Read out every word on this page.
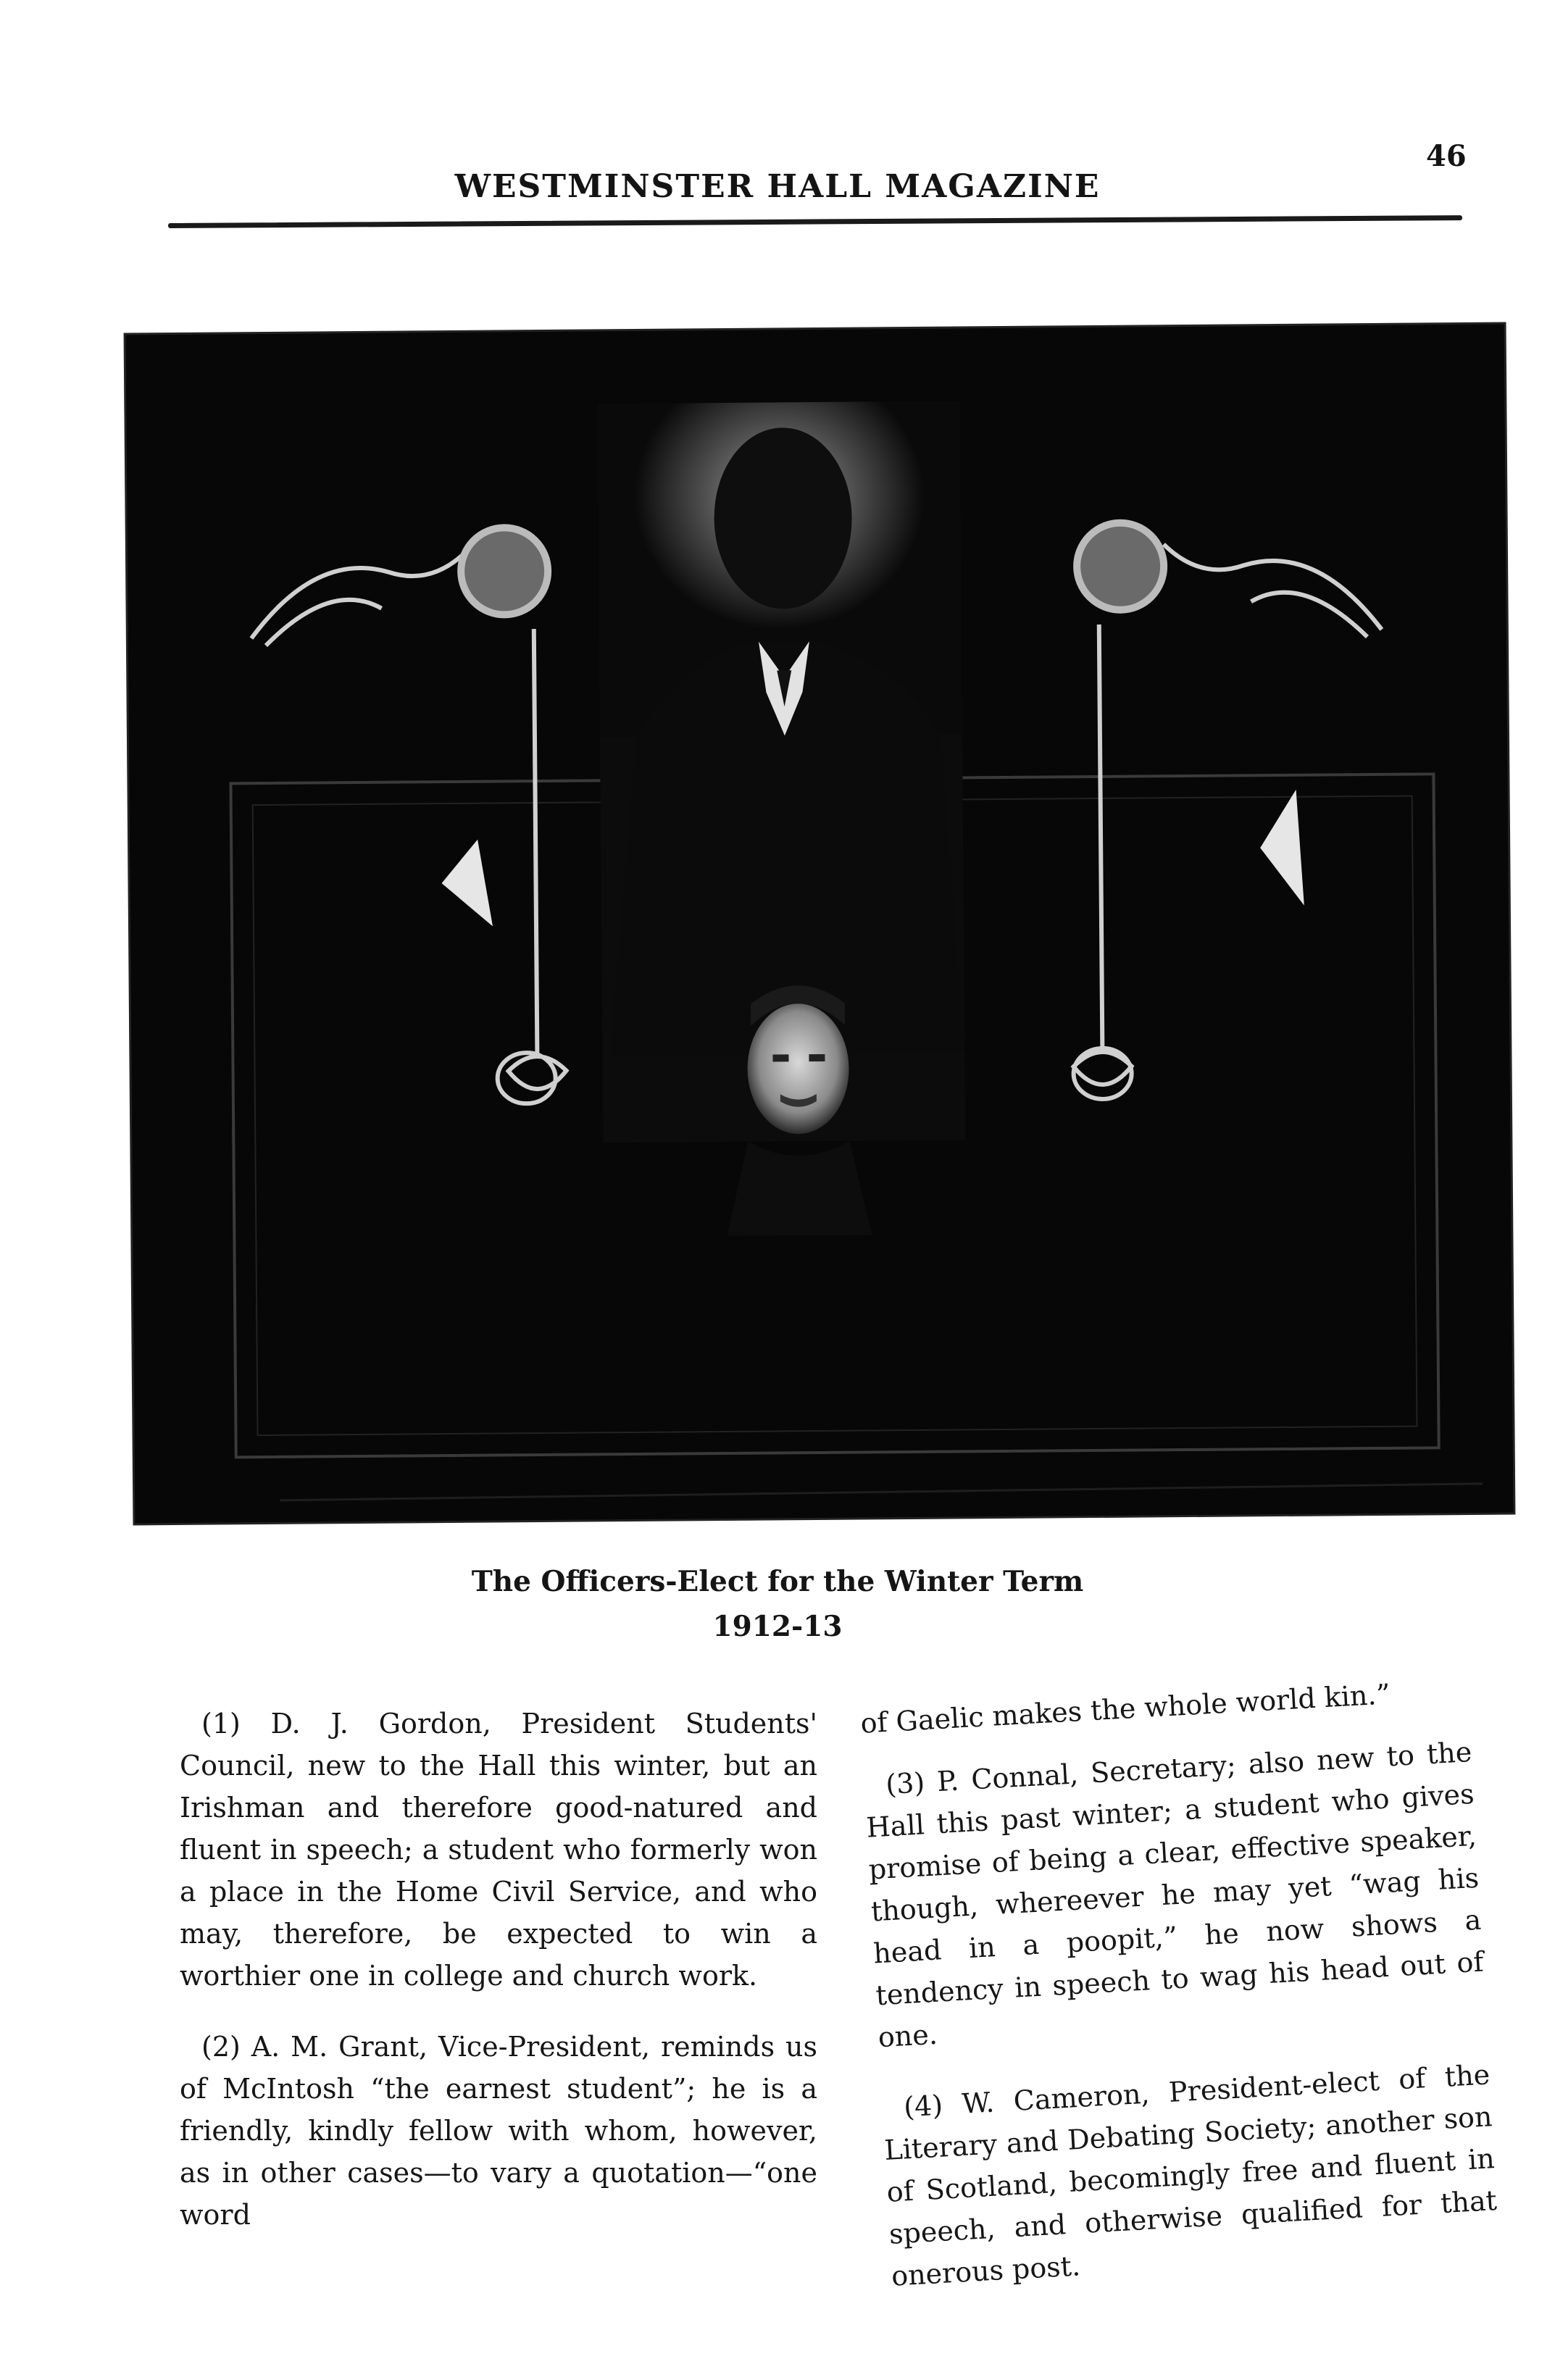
WESTMINSTER HALL MAGAZINE
46
The Officers-Elect for the Winter Term
1912-13

(1) D. J. Gordon, President Students' Council, new to the Hall this winter, but an Irishman and therefore good-natured and fluent in speech; a student who formerly won a place in the Home Civil Service, and who may, therefore, be expected to win a worthier one in college and church work.

(2) A. M. Grant, Vice-President, reminds us of McIntosh “the earnest student”; he is a friendly, kindly fellow with whom, however, as in other cases—to vary a quotation—“one word

of Gaelic makes the whole world kin.”

(3) P. Connal, Secretary; also new to the Hall this past winter; a student who gives promise of being a clear, effective speaker, though, whereever he may yet “wag his head in a poopit,” he now shows a tendency in speech to wag his head out of one.

(4) W. Cameron, President-elect of the Literary and Debating Society; another son of Scotland, becomingly free and fluent in speech, and otherwise qualified for that onerous post.
